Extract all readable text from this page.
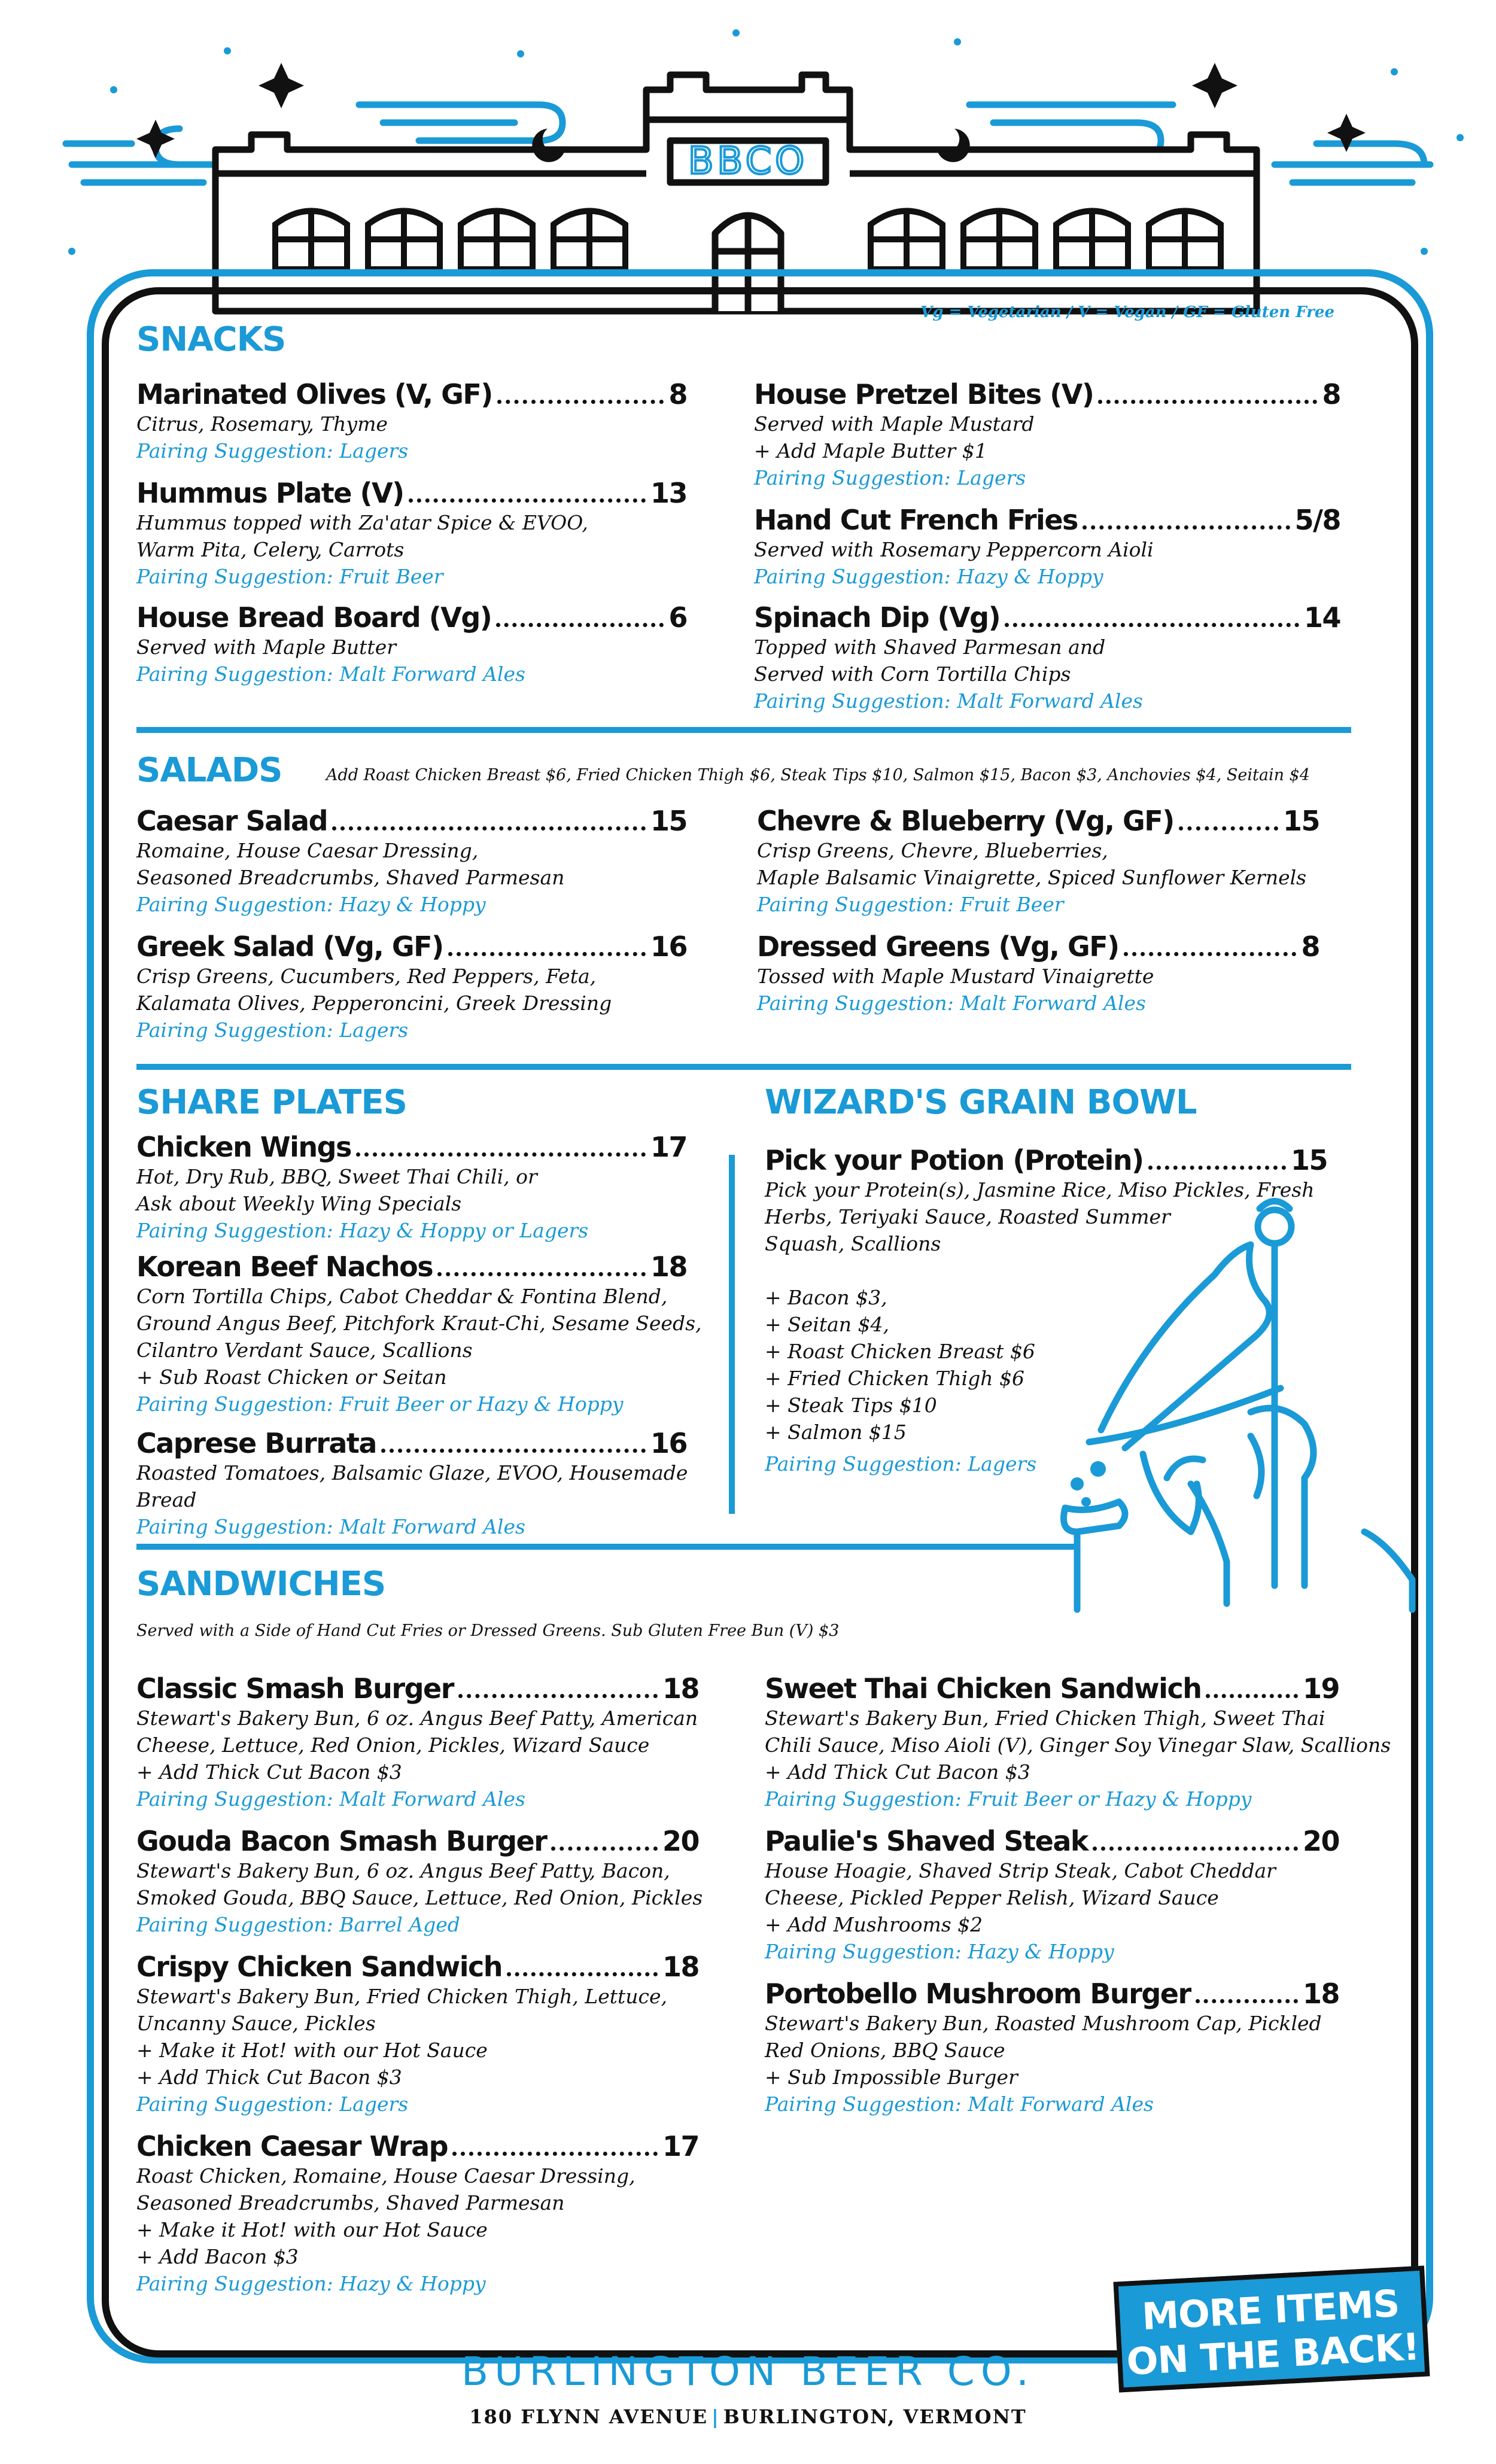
BBCO
Vg = Vegetarian / V = Vegan / GF = Gluten Free
SNACKS
Marinated Olives (V, GF)	8
Citrus, Rosemary, Thyme
Pairing Suggestion: Lagers
Hummus Plate (V)	13
Hummus topped with Za'atar Spice & EVOO,
Warm Pita, Celery, Carrots
Pairing Suggestion: Fruit Beer
House Bread Board (Vg)	6
Served with Maple Butter
Pairing Suggestion: Malt Forward Ales
House Pretzel Bites (V)	8
Served with Maple Mustard
+ Add Maple Butter $1
Pairing Suggestion: Lagers
Hand Cut French Fries	5/8
Served with Rosemary Peppercorn Aioli
Pairing Suggestion: Hazy & Hoppy
Spinach Dip (Vg)	14
Topped with Shaved Parmesan and
Served with Corn Tortilla Chips
Pairing Suggestion: Malt Forward Ales
SALADS	Add Roast Chicken Breast $6, Fried Chicken Thigh $6, Steak Tips $10, Salmon $15, Bacon $3, Anchovies $4, Seitain $4
Caesar Salad	15
Romaine, House Caesar Dressing,
Seasoned Breadcrumbs, Shaved Parmesan
Pairing Suggestion: Hazy & Hoppy
Greek Salad (Vg, GF)	16
Crisp Greens, Cucumbers, Red Peppers, Feta,
Kalamata Olives, Pepperoncini, Greek Dressing
Pairing Suggestion: Lagers
Chevre & Blueberry (Vg, GF)	15
Crisp Greens, Chevre, Blueberries,
Maple Balsamic Vinaigrette, Spiced Sunflower Kernels
Pairing Suggestion: Fruit Beer
Dressed Greens (Vg, GF)	8
Tossed with Maple Mustard Vinaigrette
Pairing Suggestion: Malt Forward Ales
SHARE PLATES
Chicken Wings	17
Hot, Dry Rub, BBQ, Sweet Thai Chili, or
Ask about Weekly Wing Specials
Pairing Suggestion: Hazy & Hoppy or Lagers
Korean Beef Nachos	18
Corn Tortilla Chips, Cabot Cheddar & Fontina Blend,
Ground Angus Beef, Pitchfork Kraut-Chi, Sesame Seeds,
Cilantro Verdant Sauce, Scallions
+ Sub Roast Chicken or Seitan
Pairing Suggestion: Fruit Beer or Hazy & Hoppy
Caprese Burrata	16
Roasted Tomatoes, Balsamic Glaze, EVOO, Housemade
Bread
Pairing Suggestion: Malt Forward Ales
WIZARD'S GRAIN BOWL
Pick your Potion (Protein)	15
Pick your Protein(s), Jasmine Rice, Miso Pickles, Fresh
Herbs, Teriyaki Sauce, Roasted Summer
Squash, Scallions
+ Bacon $3,
+ Seitan $4,
+ Roast Chicken Breast $6
+ Fried Chicken Thigh $6
+ Steak Tips $10
+ Salmon $15
Pairing Suggestion: Lagers
SANDWICHES
Served with a Side of Hand Cut Fries or Dressed Greens. Sub Gluten Free Bun (V) $3
Classic Smash Burger	18
Stewart's Bakery Bun, 6 oz. Angus Beef Patty, American
Cheese, Lettuce, Red Onion, Pickles, Wizard Sauce
+ Add Thick Cut Bacon $3
Pairing Suggestion: Malt Forward Ales
Gouda Bacon Smash Burger	20
Stewart's Bakery Bun, 6 oz. Angus Beef Patty, Bacon,
Smoked Gouda, BBQ Sauce, Lettuce, Red Onion, Pickles
Pairing Suggestion: Barrel Aged
Crispy Chicken Sandwich	18
Stewart's Bakery Bun, Fried Chicken Thigh, Lettuce,
Uncanny Sauce, Pickles
+ Make it Hot! with our Hot Sauce
+ Add Thick Cut Bacon $3
Pairing Suggestion: Lagers
Chicken Caesar Wrap	17
Roast Chicken, Romaine, House Caesar Dressing,
Seasoned Breadcrumbs, Shaved Parmesan
+ Make it Hot! with our Hot Sauce
+ Add Bacon $3
Pairing Suggestion: Hazy & Hoppy
Sweet Thai Chicken Sandwich	19
Stewart's Bakery Bun, Fried Chicken Thigh, Sweet Thai
Chili Sauce, Miso Aioli (V), Ginger Soy Vinegar Slaw, Scallions
+ Add Thick Cut Bacon $3
Pairing Suggestion: Fruit Beer or Hazy & Hoppy
Paulie's Shaved Steak	20
House Hoagie, Shaved Strip Steak, Cabot Cheddar
Cheese, Pickled Pepper Relish, Wizard Sauce
+ Add Mushrooms $2
Pairing Suggestion: Hazy & Hoppy
Portobello Mushroom Burger	18
Stewart's Bakery Bun, Roasted Mushroom Cap, Pickled
Red Onions, BBQ Sauce
+ Sub Impossible Burger
Pairing Suggestion: Malt Forward Ales
MORE ITEMS
ON THE BACK!
BURLINGTON BEER CO.
180 FLYNN AVENUE | BURLINGTON, VERMONT
